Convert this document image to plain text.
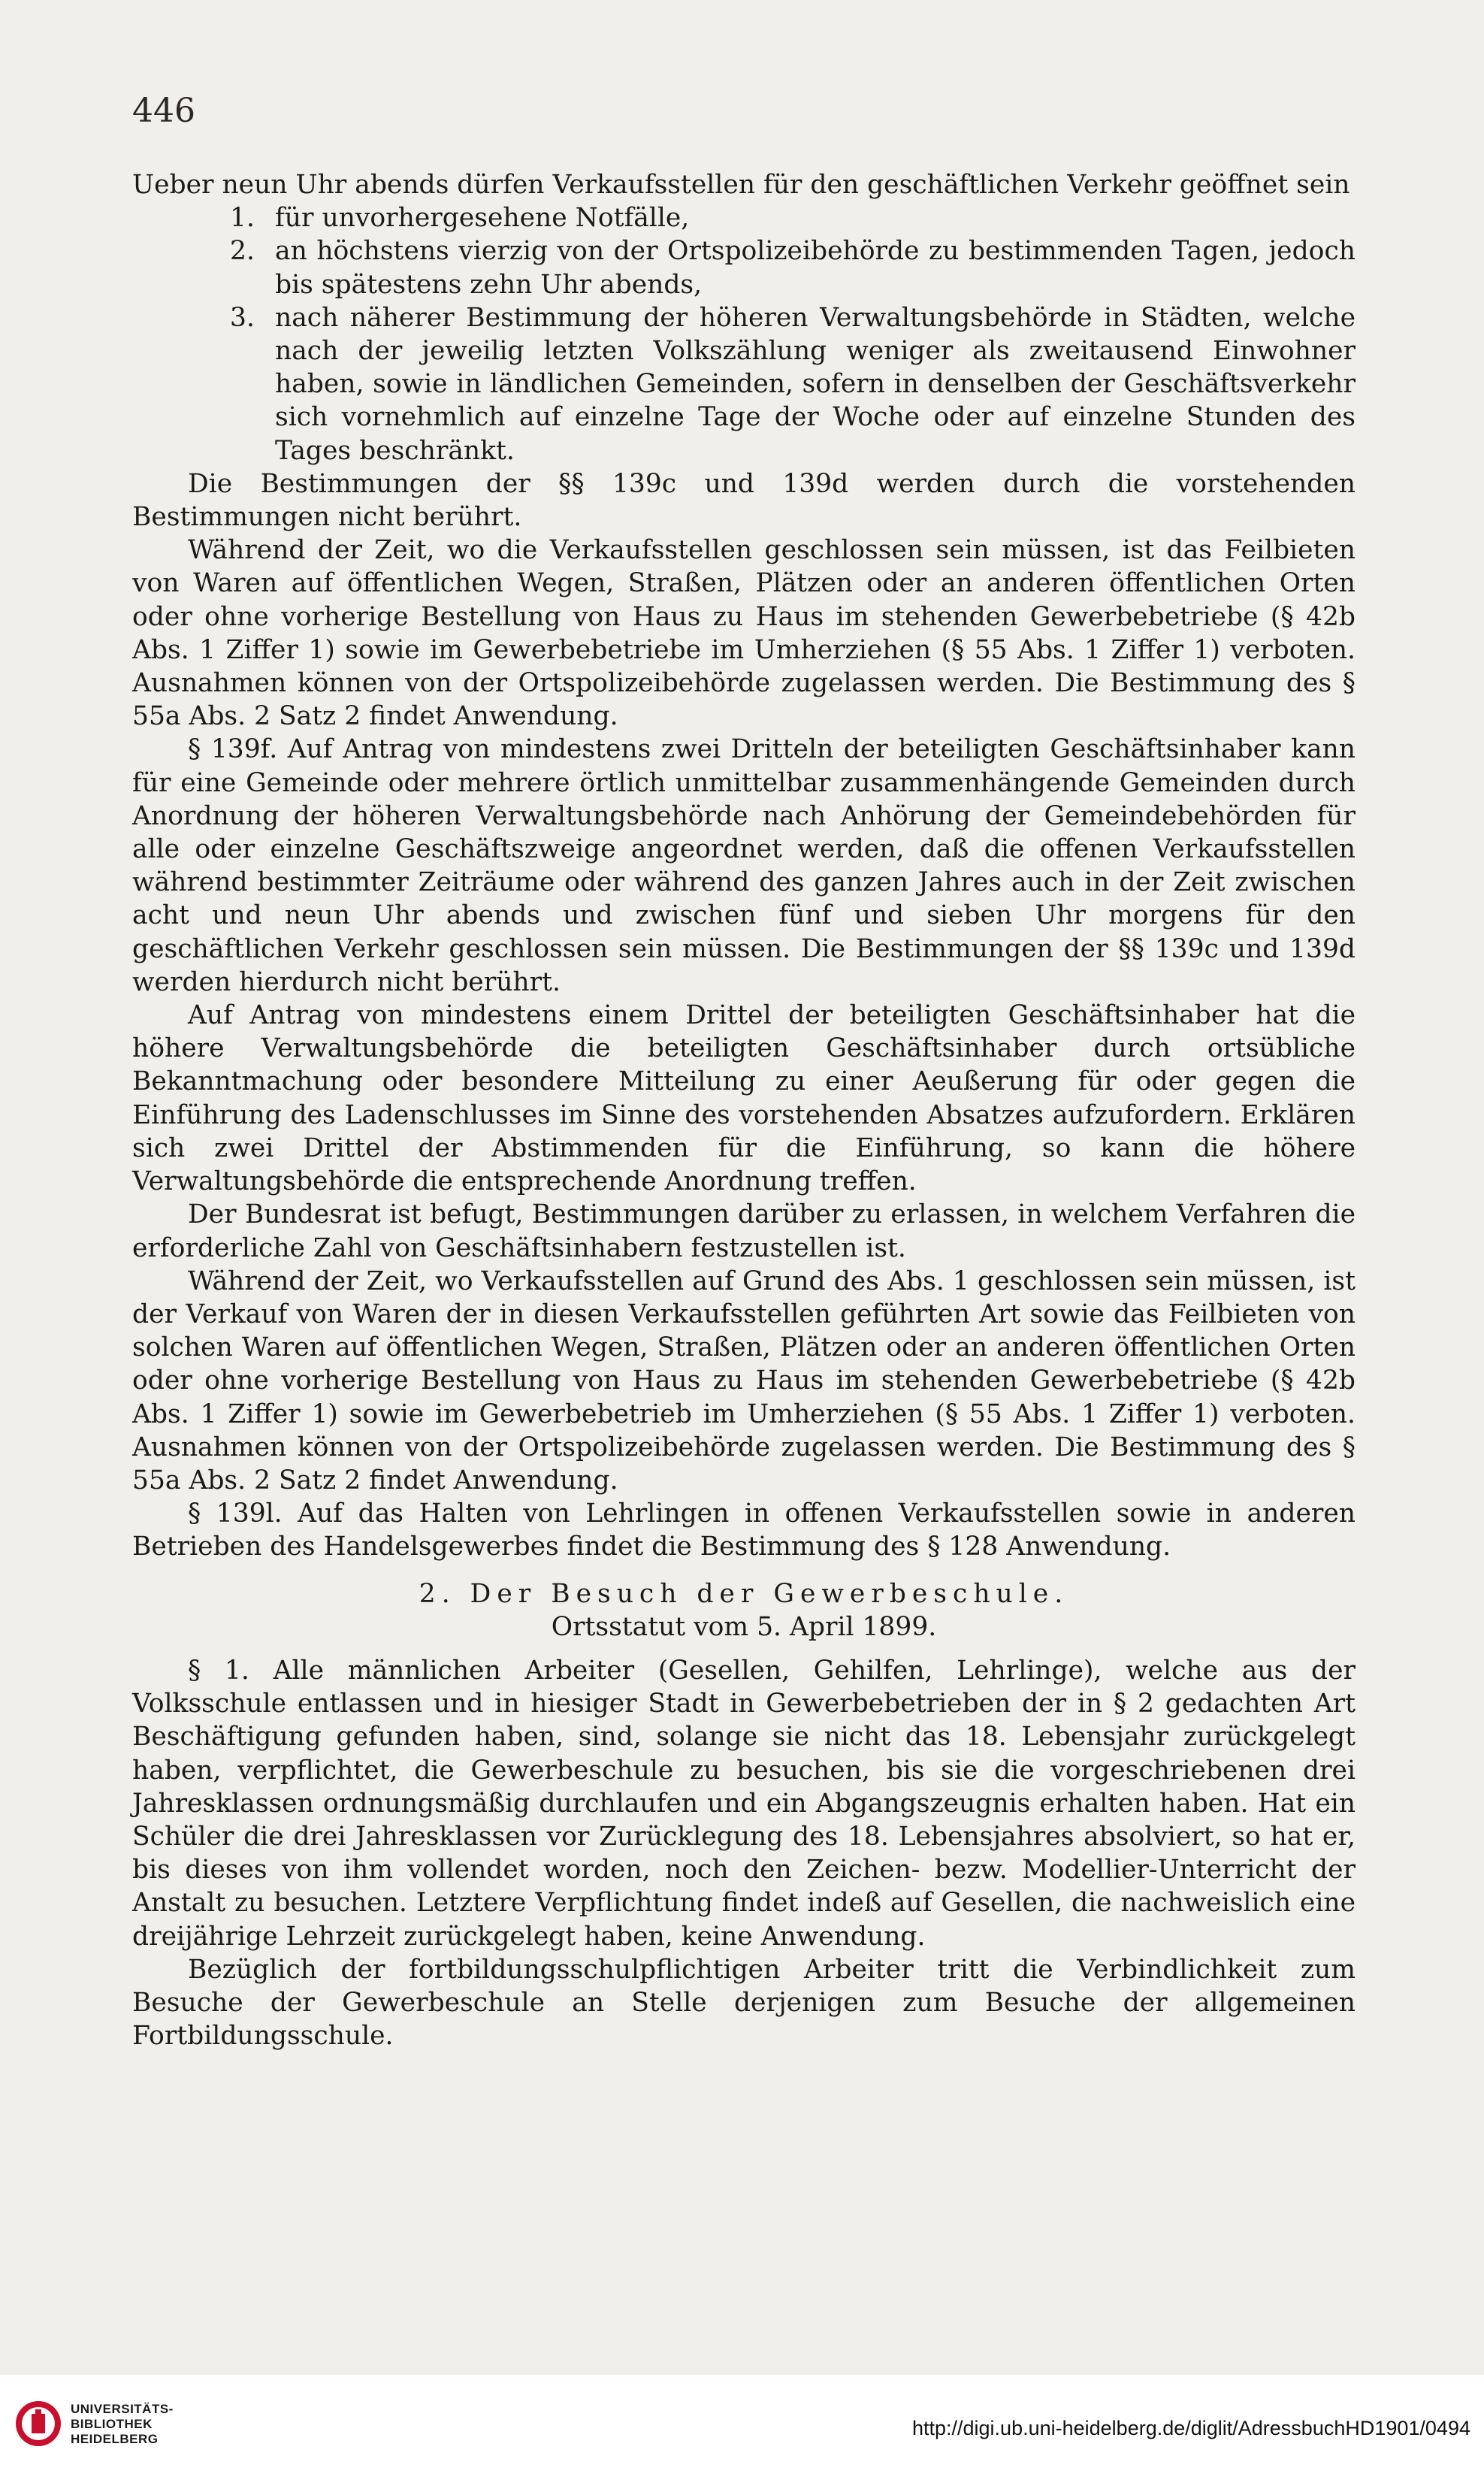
446

Ueber neun Uhr abends dürfen Verkaufsstellen für den geschäftlichen Verkehr geöffnet sein

1. für unvorhergesehene Notfälle,
2. an höchstens vierzig von der Ortspolizeibehörde zu bestimmenden Tagen, jedoch bis spätestens zehn Uhr abends,
3. nach näherer Bestimmung der höheren Verwaltungsbehörde in Städten, welche nach der jeweilig letzten Volkszählung weniger als zweitausend Einwohner haben, sowie in ländlichen Gemeinden, sofern in denselben der Geschäftsverkehr sich vornehmlich auf einzelne Tage der Woche oder auf einzelne Stunden des Tages beschränkt.

Die Bestimmungen der §§ 139c und 139d werden durch die vorstehenden Bestimmungen nicht berührt.

Während der Zeit, wo die Verkaufsstellen geschlossen sein müssen, ist das Feilbieten von Waren auf öffentlichen Wegen, Straßen, Plätzen oder an anderen öffentlichen Orten oder ohne vorherige Bestellung von Haus zu Haus im stehenden Gewerbebetriebe (§ 42b Abs. 1 Ziffer 1) sowie im Gewerbebetriebe im Umherziehen (§ 55 Abs. 1 Ziffer 1) verboten. Ausnahmen können von der Ortspolizeibehörde zugelassen werden. Die Bestimmung des § 55a Abs. 2 Satz 2 findet Anwendung.

§ 139f. Auf Antrag von mindestens zwei Dritteln der beteiligten Geschäftsinhaber kann für eine Gemeinde oder mehrere örtlich unmittelbar zusammenhängende Gemeinden durch Anordnung der höheren Verwaltungsbehörde nach Anhörung der Gemeindebehörden für alle oder einzelne Geschäftszweige angeordnet werden, daß die offenen Verkaufsstellen während bestimmter Zeiträume oder während des ganzen Jahres auch in der Zeit zwischen acht und neun Uhr abends und zwischen fünf und sieben Uhr morgens für den geschäftlichen Verkehr geschlossen sein müssen. Die Bestimmungen der §§ 139c und 139d werden hierdurch nicht berührt.

Auf Antrag von mindestens einem Drittel der beteiligten Geschäftsinhaber hat die höhere Verwaltungsbehörde die beteiligten Geschäftsinhaber durch ortsübliche Bekanntmachung oder besondere Mitteilung zu einer Aeußerung für oder gegen die Einführung des Ladenschlusses im Sinne des vorstehenden Absatzes aufzufordern. Erklären sich zwei Drittel der Abstimmenden für die Einführung, so kann die höhere Verwaltungsbehörde die entsprechende Anordnung treffen.

Der Bundesrat ist befugt, Bestimmungen darüber zu erlassen, in welchem Verfahren die erforderliche Zahl von Geschäftsinhabern festzustellen ist.

Während der Zeit, wo Verkaufsstellen auf Grund des Abs. 1 geschlossen sein müssen, ist der Verkauf von Waren der in diesen Verkaufsstellen geführten Art sowie das Feilbieten von solchen Waren auf öffentlichen Wegen, Straßen, Plätzen oder an anderen öffentlichen Orten oder ohne vorherige Bestellung von Haus zu Haus im stehenden Gewerbebetriebe (§ 42b Abs. 1 Ziffer 1) sowie im Gewerbebetrieb im Umherziehen (§ 55 Abs. 1 Ziffer 1) verboten. Ausnahmen können von der Ortspolizeibehörde zugelassen werden. Die Bestimmung des § 55a Abs. 2 Satz 2 findet Anwendung.

§ 139l. Auf das Halten von Lehrlingen in offenen Verkaufsstellen sowie in anderen Betrieben des Handelsgewerbes findet die Bestimmung des § 128 Anwendung.

2. Der Besuch der Gewerbeschule.

Ortsstatut vom 5. April 1899.

§ 1. Alle männlichen Arbeiter (Gesellen, Gehilfen, Lehrlinge), welche aus der Volksschule entlassen und in hiesiger Stadt in Gewerbebetrieben der in § 2 gedachten Art Beschäftigung gefunden haben, sind, solange sie nicht das 18. Lebensjahr zurückgelegt haben, verpflichtet, die Gewerbeschule zu besuchen, bis sie die vorgeschriebenen drei Jahresklassen ordnungsmäßig durchlaufen und ein Abgangszeugnis erhalten haben. Hat ein Schüler die drei Jahresklassen vor Zurücklegung des 18. Lebensjahres absolviert, so hat er, bis dieses von ihm vollendet worden, noch den Zeichen- bezw. Modellier-Unterricht der Anstalt zu besuchen. Letztere Verpflichtung findet indeß auf Gesellen, die nachweislich eine dreijährige Lehrzeit zurückgelegt haben, keine Anwendung.

Bezüglich der fortbildungsschulpflichtigen Arbeiter tritt die Verbindlichkeit zum Besuche der Gewerbeschule an Stelle derjenigen zum Besuche der allgemeinen Fortbildungsschule.

UNIVERSITÄTS-
BIBLIOTHEK
HEIDELBERG	http://digi.ub.uni-heidelberg.de/diglit/AdressbuchHD1901/0494
